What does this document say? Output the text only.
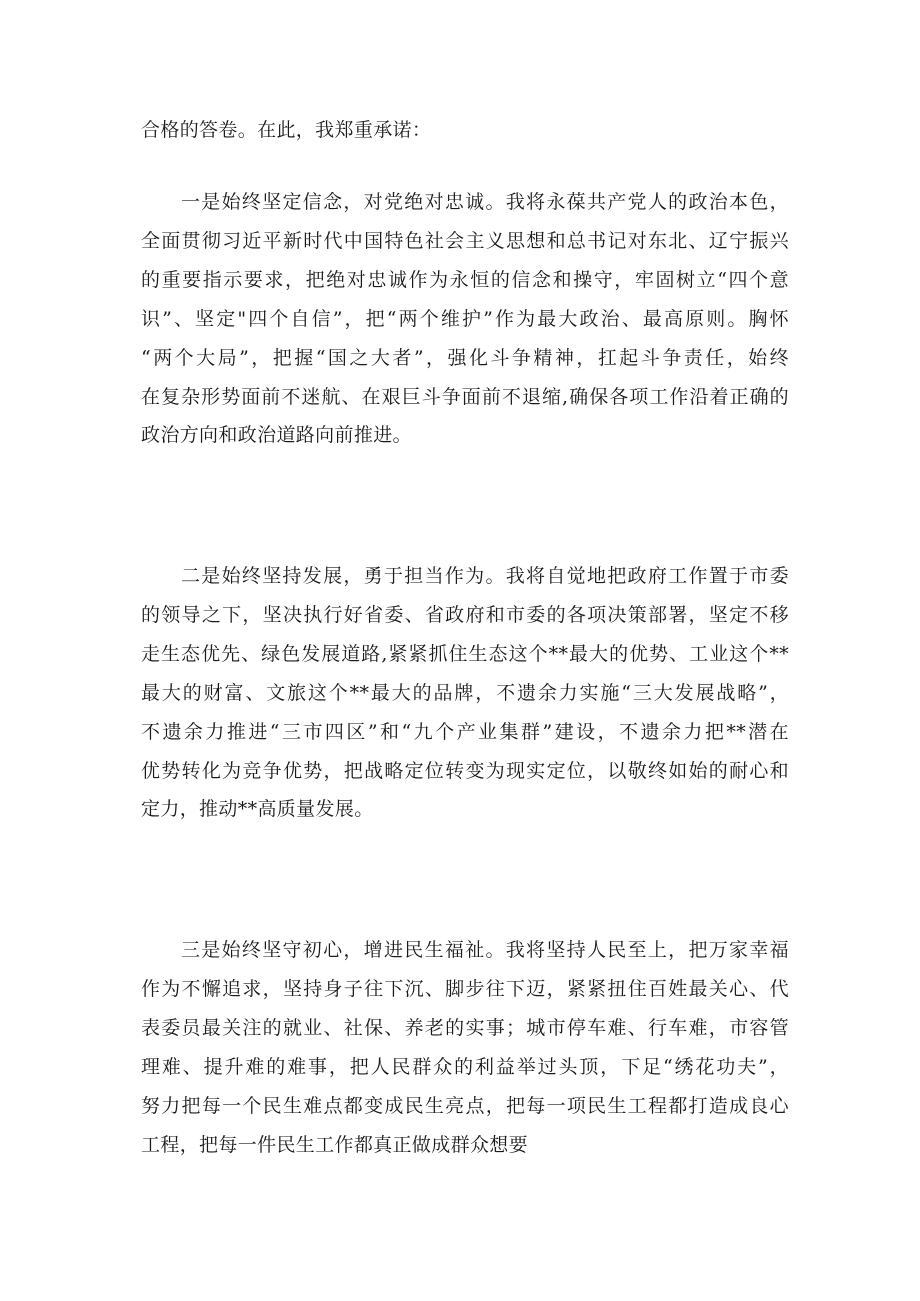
合格的答卷。在此，我郑重承诺：
一是始终坚定信念，对党绝对忠诚。我将永葆共产党人的政治本色，
全面贯彻习近平新时代中国特色社会主义思想和总书记对东北、辽宁振兴
的重要指示要求，把绝对忠诚作为永恒的信念和操守，牢固树立“四个意
识”、坚定"四个自信”，把“两个维护”作为最大政治、最高原则。胸怀
“两个大局”，把握“国之大者”，强化斗争精神，扛起斗争责任，始终
在复杂形势面前不迷航、在艰巨斗争面前不退缩,确保各项工作沿着正确的
政治方向和政治道路向前推进。
二是始终坚持发展，勇于担当作为。我将自觉地把政府工作置于市委
的领导之下，坚决执行好省委、省政府和市委的各项决策部署，坚定不移
走生态优先、绿色发展道路,紧紧抓住生态这个**最大的优势、工业这个**
最大的财富、文旅这个**最大的品牌，不遗余力实施“三大发展战略”，
不遗余力推进“三市四区”和“九个产业集群”建设，不遗余力把**潜在
优势转化为竞争优势，把战略定位转变为现实定位，以敬终如始的耐心和
定力，推动**高质量发展。
三是始终坚守初心，增进民生福祉。我将坚持人民至上，把万家幸福
作为不懈追求，坚持身子往下沉、脚步往下迈，紧紧扭住百姓最关心、代
表委员最关注的就业、社保、养老的实事；城市停车难、行车难，市容管
理难、提升难的难事，把人民群众的利益举过头顶，下足“绣花功夫”，
努力把每一个民生难点都变成民生亮点，把每一项民生工程都打造成良心
工程，把每一件民生工作都真正做成群众想要
